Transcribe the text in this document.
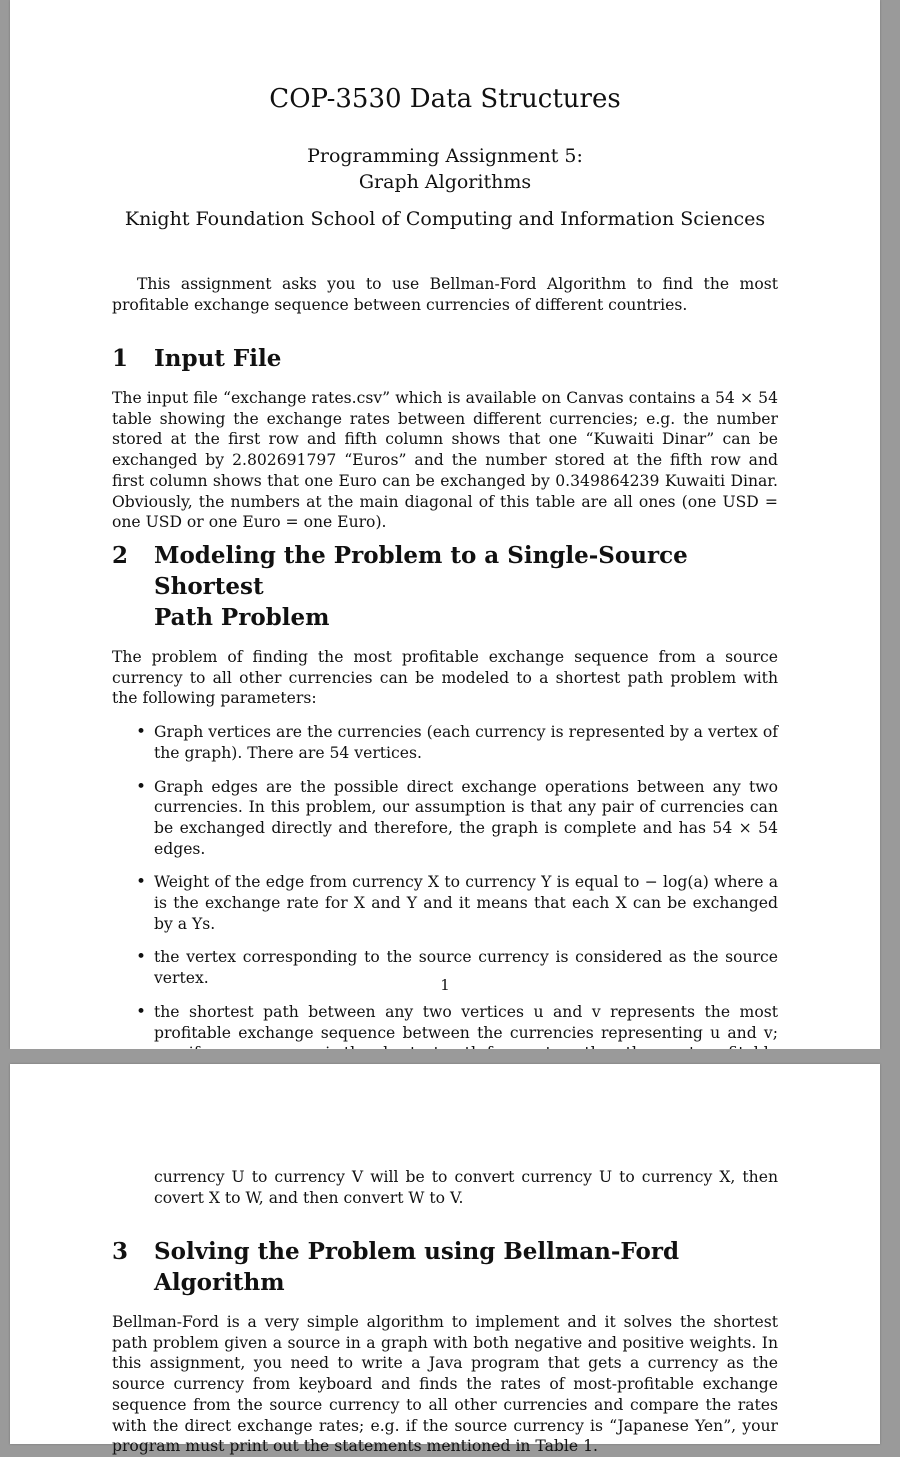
COP-3530 Data Structures
Programming Assignment 5:
Graph Algorithms
Knight Foundation School of Computing and Information Sciences

This assignment asks you to use Bellman-Ford Algorithm to find the most profitable exchange sequence between currencies of different countries.

1	Input File

The input file “exchange rates.csv” which is available on Canvas contains a 54 × 54 table showing the exchange rates between different currencies; e.g. the number stored at the first row and fifth column shows that one “Kuwaiti Dinar” can be exchanged by 2.802691797 “Euros” and the number stored at the fifth row and first column shows that one Euro can be exchanged by 0.349864239 Kuwaiti Dinar. Obviously, the numbers at the main diagonal of this table are all ones (one USD = one USD or one Euro = one Euro).

2	Modeling the Problem to a Single-Source Shortest
Path Problem

The problem of finding the most profitable exchange sequence from a source currency to all other currencies can be modeled to a shortest path problem with the following parameters:

• Graph vertices are the currencies (each currency is represented by a vertex of the graph). There are 54 vertices.
• Graph edges are the possible direct exchange operations between any two currencies. In this problem, our assumption is that any pair of currencies can be exchanged directly and therefore, the graph is complete and has 54 × 54 edges.
• Weight of the edge from currency X to currency Y is equal to − log(a) where a is the exchange rate for X and Y and it means that each X can be exchanged by a Ys.
• the vertex corresponding to the source currency is considered as the source vertex.
• the shortest path between any two vertices u and v represents the most profitable exchange sequence between the currencies representing u and v;
1

currency U to currency V will be to convert currency U to currency X, then covert X to W, and then convert W to V.

3	Solving the Problem using Bellman-Ford Algorithm

Bellman-Ford is a very simple algorithm to implement and it solves the shortest path problem given a source in a graph with both negative and positive weights. In this assignment, you need to write a Java program that gets a currency as the source currency from keyboard and finds the rates of most-profitable exchange sequence from the source currency to all other currencies and compare the rates with the direct exchange rates; e.g. if the source currency is “Japanese Yen”, your program must print out the statements mentioned in Table 1.
